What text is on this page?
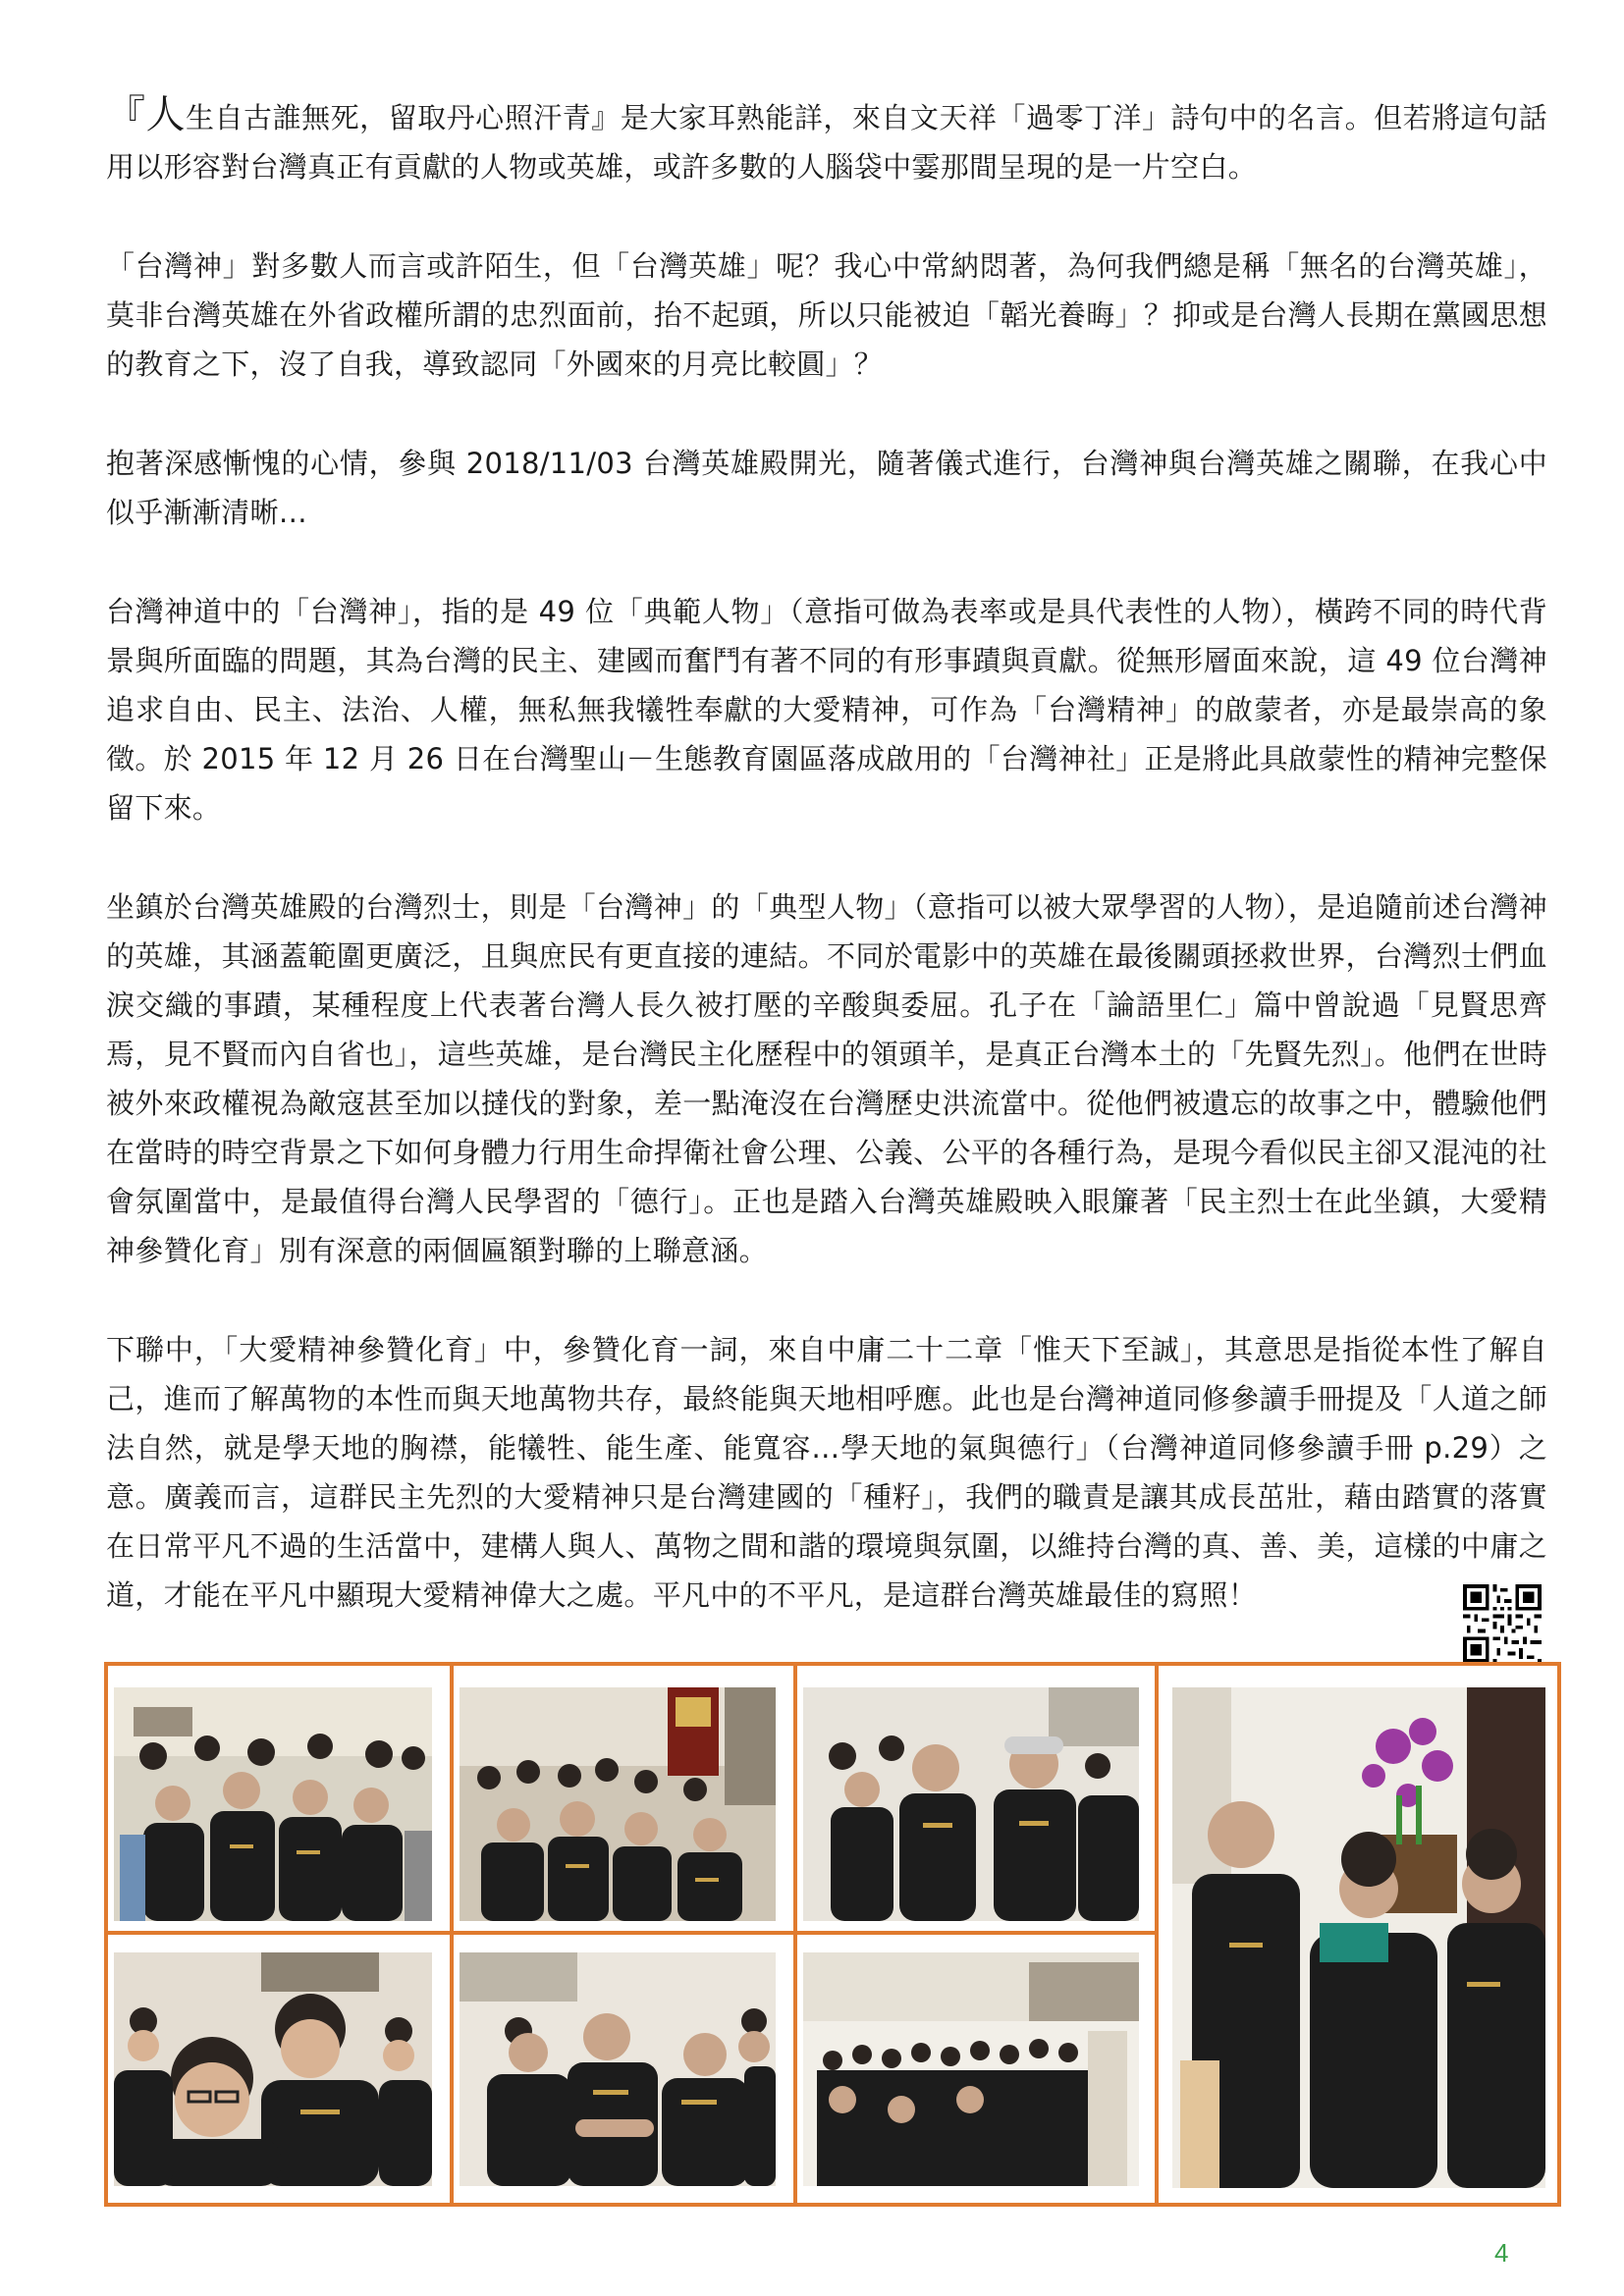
『人生自古誰無死，留取丹心照汗青』是大家耳熟能詳，來自文天祥「過零丁洋」詩句中的名言。但若將這句話用以形容對台灣真正有貢獻的人物或英雄，或許多數的人腦袋中霎那間呈現的是一片空白。

「台灣神」對多數人而言或許陌生，但「台灣英雄」呢？我心中常納悶著，為何我們總是稱「無名的台灣英雄」，莫非台灣英雄在外省政權所謂的忠烈面前，抬不起頭，所以只能被迫「韜光養晦」？抑或是台灣人長期在黨國思想的教育之下，沒了自我，導致認同「外國來的月亮比較圓」？

抱著深感慚愧的心情，參與 2018/11/03 台灣英雄殿開光，隨著儀式進行，台灣神與台灣英雄之關聯，在我心中似乎漸漸清晰…

台灣神道中的「台灣神」，指的是 49 位「典範人物」（意指可做為表率或是具代表性的人物），橫跨不同的時代背景與所面臨的問題，其為台灣的民主、建國而奮鬥有著不同的有形事蹟與貢獻。從無形層面來說，這 49 位台灣神追求自由、民主、法治、人權，無私無我犧牲奉獻的大愛精神，可作為「台灣精神」的啟蒙者，亦是最崇高的象徵。於 2015 年 12 月 26 日在台灣聖山－生態教育園區落成啟用的「台灣神社」正是將此具啟蒙性的精神完整保留下來。

坐鎮於台灣英雄殿的台灣烈士，則是「台灣神」的「典型人物」（意指可以被大眾學習的人物），是追隨前述台灣神的英雄，其涵蓋範圍更廣泛，且與庶民有更直接的連結。不同於電影中的英雄在最後關頭拯救世界，台灣烈士們血淚交織的事蹟，某種程度上代表著台灣人長久被打壓的辛酸與委屈。孔子在「論語里仁」篇中曾說過「見賢思齊焉，見不賢而內自省也」，這些英雄，是台灣民主化歷程中的領頭羊，是真正台灣本土的「先賢先烈」。他們在世時被外來政權視為敵寇甚至加以撻伐的對象，差一點淹沒在台灣歷史洪流當中。從他們被遺忘的故事之中，體驗他們在當時的時空背景之下如何身體力行用生命捍衛社會公理、公義、公平的各種行為，是現今看似民主卻又混沌的社會氛圍當中，是最值得台灣人民學習的「德行」。正也是踏入台灣英雄殿映入眼簾著「民主烈士在此坐鎮，大愛精神參贊化育」別有深意的兩個匾額對聯的上聯意涵。

下聯中，「大愛精神參贊化育」中，參贊化育一詞，來自中庸二十二章「惟天下至誠」，其意思是指從本性了解自己，進而了解萬物的本性而與天地萬物共存，最終能與天地相呼應。此也是台灣神道同修參讀手冊提及「人道之師法自然，就是學天地的胸襟，能犧牲、能生產、能寬容…學天地的氣與德行」（台灣神道同修參讀手冊 p.29）之意。廣義而言，這群民主先烈的大愛精神只是台灣建國的「種籽」，我們的職責是讓其成長茁壯，藉由踏實的落實在日常平凡不過的生活當中，建構人與人、萬物之間和諧的環境與氛圍，以維持台灣的真、善、美，這樣的中庸之道，才能在平凡中顯現大愛精神偉大之處。平凡中的不平凡，是這群台灣英雄最佳的寫照！

4
